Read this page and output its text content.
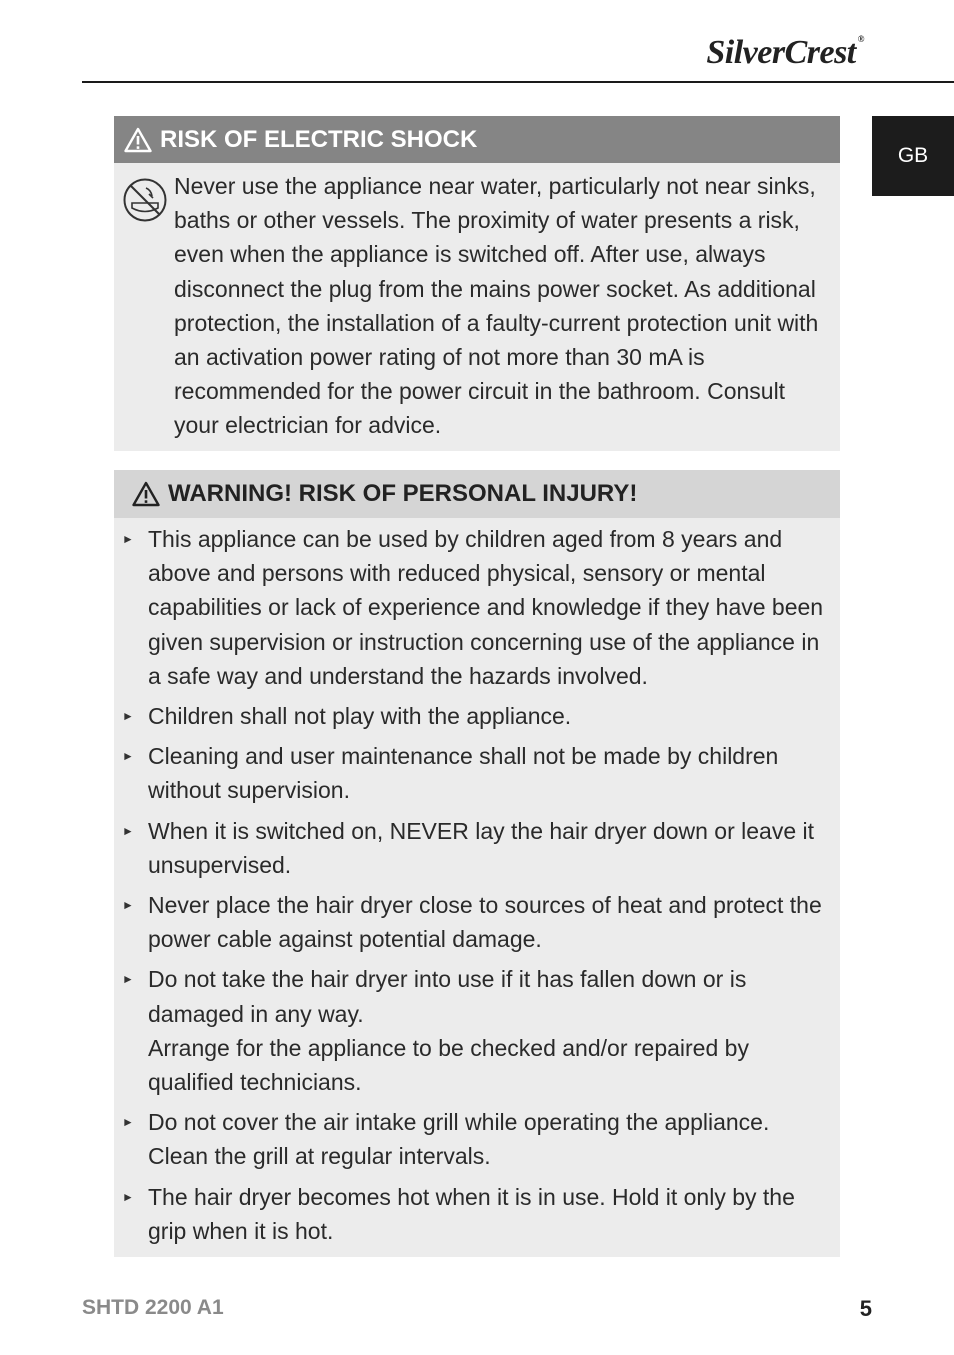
SilverCrest ®
GB
RISK OF ELECTRIC SHOCK
Never use the appliance near water, particularly not near sinks, baths or other vessels. The proximity of water presents a risk, even when the appliance is switched off. After use, always disconnect the plug from the mains power socket. As additional protection, the installation of a faulty-current protection unit with an activation power rating of not more than 30 mA is recommended for the power circuit in the bathroom. Consult your electrician for advice.
WARNING! RISK OF PERSONAL INJURY!
► This appliance can be used by children aged from 8 years and above and persons with reduced physical, sensory or mental capabilities or lack of experience and knowledge if they have been given supervision or instruction concerning use of the appliance in a safe way and understand the hazards involved.
► Children shall not play with the appliance.
► Cleaning and user maintenance shall not be made by children without supervision.
► When it is switched on, NEVER lay the hair dryer down or leave it unsupervised.
► Never place the hair dryer close to sources of heat and protect the power cable against potential damage.
► Do not take the hair dryer into use if it has fallen down or is damaged in any way.
Arrange for the appliance to be checked and/or repaired by qualified technicians.
► Do not cover the air intake grill while operating the appliance. Clean the grill at regular intervals.
► The hair dryer becomes hot when it is in use. Hold it only by the grip when it is hot.
SHTD 2200 A1	5
